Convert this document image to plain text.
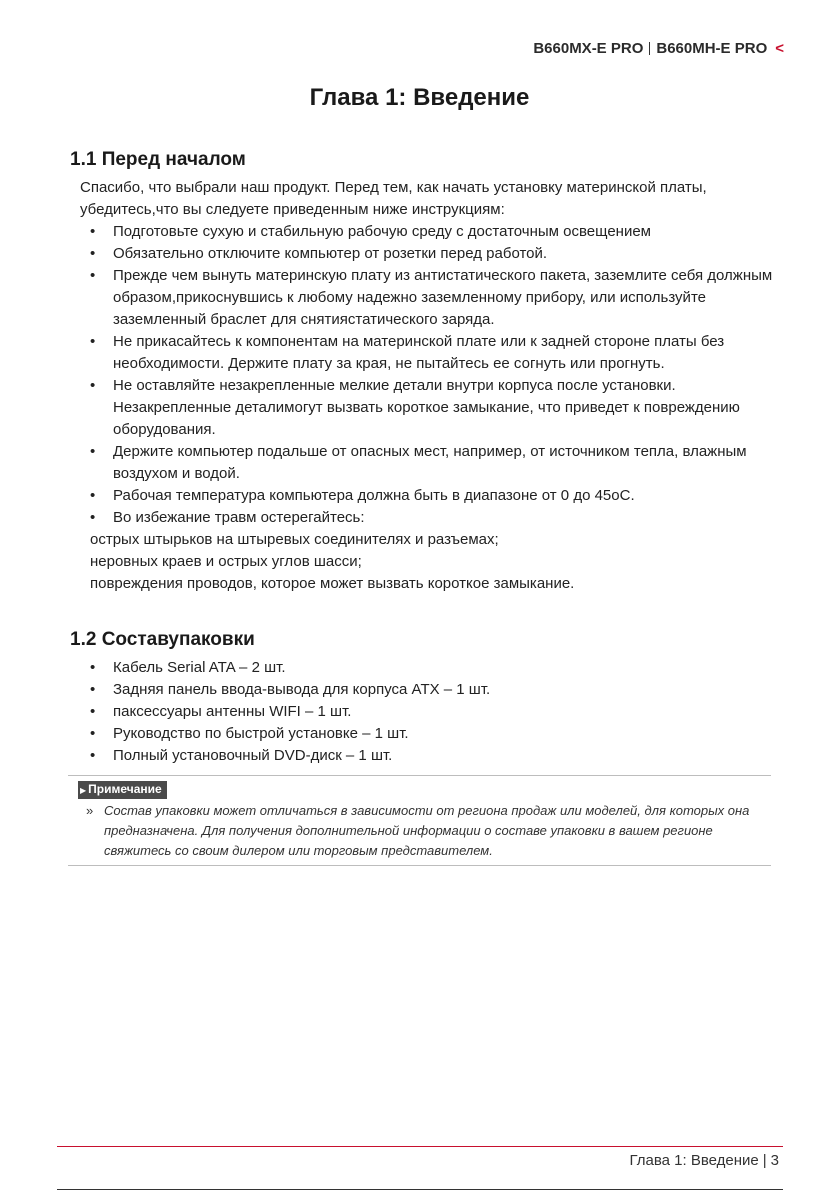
B660MX-E PRO B660MH-E PRO <
Глава 1: Введение
1.1 Перед началом

Спасибо, что выбрали наш продукт. Перед тем, как начать установку материнской платы, убедитесь,что вы следуете приведенным ниже инструкциям:

• Подготовьте сухую и стабильную рабочую среду с достаточным освещением
• Обязательно отключите компьютер от розетки перед работой.
• Прежде чем вынуть материнскую плату из антистатического пакета, заземлите себя должным образом,прикоснувшись к любому надежно заземленному прибору, или используйте заземленный браслет для снятиястатического заряда.
• Не прикасайтесь к компонентам на материнской плате или к задней стороне платы без необходимости. Держите плату за края, не пытайтесь ее согнуть или прогнуть.
• Не оставляйте незакрепленные мелкие детали внутри корпуса после установки. Незакрепленные деталимогут вызвать короткое замыкание, что приведет к повреждению оборудования.
• Держите компьютер подальше от опасных мест, например, от источником тепла, влажным воздухом и водой.
• Рабочая температура компьютера должна быть в диапазоне от 0 до 45оС.
• Во избежание травм остерегайтесь:
острых штырьков на штыревых соединителях и разъемах;
неровных краев и острых углов шасси;
повреждения проводов, которое может вызвать короткое замыкание.
1.2 Составупаковки
• Кабель Serial ATA – 2 шт.
• Задняя панель ввода-вывода для корпуса ATX – 1 шт.
• паксессуары антенны WIFI – 1 шт.
• Руководство по быстрой установке – 1 шт.
• Полный установочный DVD-диск – 1 шт.
▶ Примечание
» Состав упаковки может отличаться в зависимости от региона продаж или моделей, для которых она предназначена. Для получения дополнительной информации о составе упаковки в вашем регионе свяжитесь со своим дилером или торговым представителем.
Глава 1: Введение | 3
